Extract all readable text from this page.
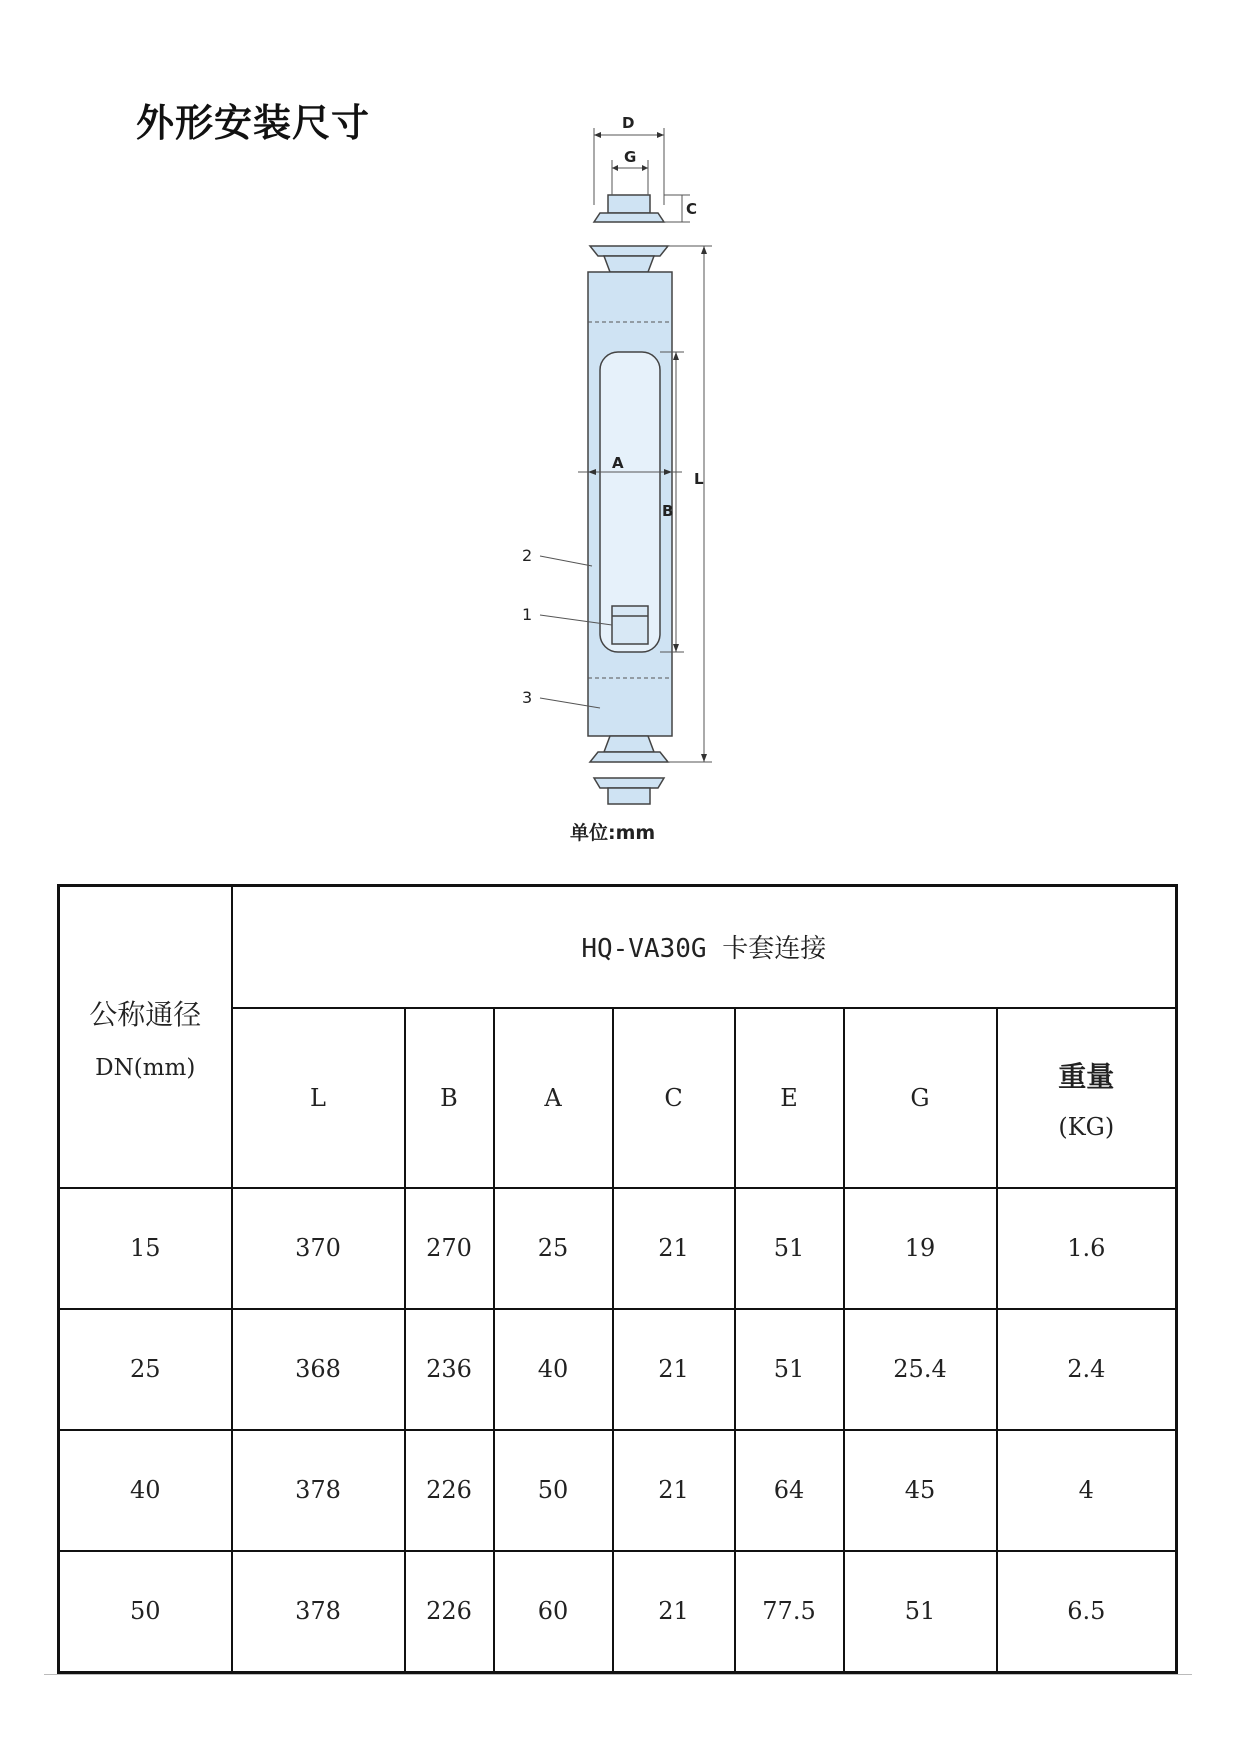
外形安装尺寸	D
G
C
A
B
L
2
1
3
单位:mm
公称通径
DN(mm)	HQ-VA30G 卡套连接						
	L	B	A	C	E	G	重量
(KG)

15	370	270	25	21	51	19	1.6
25	368	236	40	21	51	25.4	2.4
40	378	226	50	21	64	45	4
50	378	226	60	21	77.5	51	6.5
